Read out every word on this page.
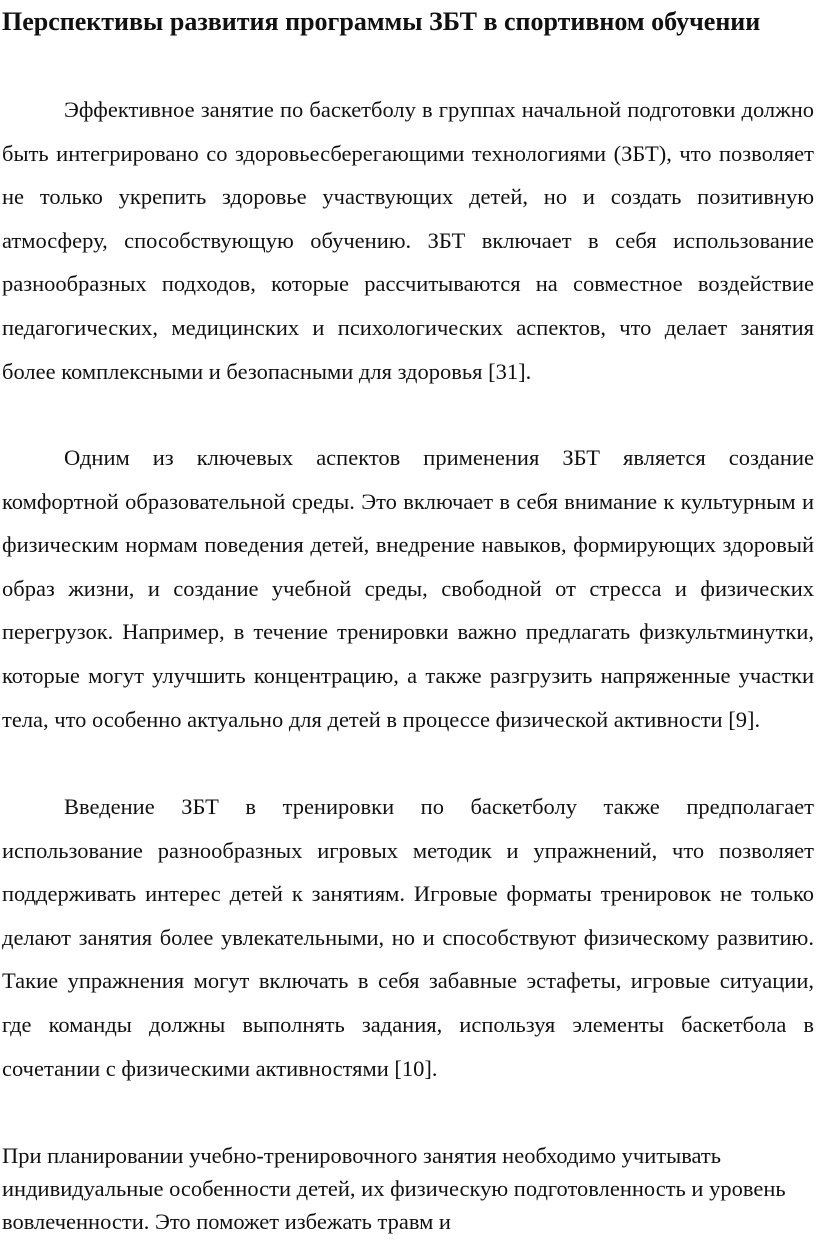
Перспективы развития программы ЗБТ в спортивном обучении

Эффективное занятие по баскетболу в группах начальной подготовки должно быть интегрировано со здоровьесберегающими технологиями (ЗБТ), что позволяет не только укрепить здоровье участвующих детей, но и создать позитивную атмосферу, способствующую обучению. ЗБТ включает в себя использование разнообразных подходов, которые рассчитываются на совместное воздействие педагогических, медицинских и психологических аспектов, что делает занятия более комплексными и безопасными для здоровья [31].

Одним из ключевых аспектов применения ЗБТ является создание комфортной образовательной среды. Это включает в себя внимание к культурным и физическим нормам поведения детей, внедрение навыков, формирующих здоровый образ жизни, и создание учебной среды, свободной от стресса и физических перегрузок. Например, в течение тренировки важно предлагать физкультминутки, которые могут улучшить концентрацию, а также разгрузить напряженные участки тела, что особенно актуально для детей в процессе физической активности [9].

Введение ЗБТ в тренировки по баскетболу также предполагает использование разнообразных игровых методик и упражнений, что позволяет поддерживать интерес детей к занятиям. Игровые форматы тренировок не только делают занятия более увлекательными, но и способствуют физическому развитию. Такие упражнения могут включать в себя забавные эстафеты, игровые ситуации, где команды должны выполнять задания, используя элементы баскетбола в сочетании с физическими активностями [10].

При планировании учебно-тренировочного занятия необходимо учитывать индивидуальные особенности детей, их физическую подготовленность и уровень вовлеченности. Это поможет избежать травм и
